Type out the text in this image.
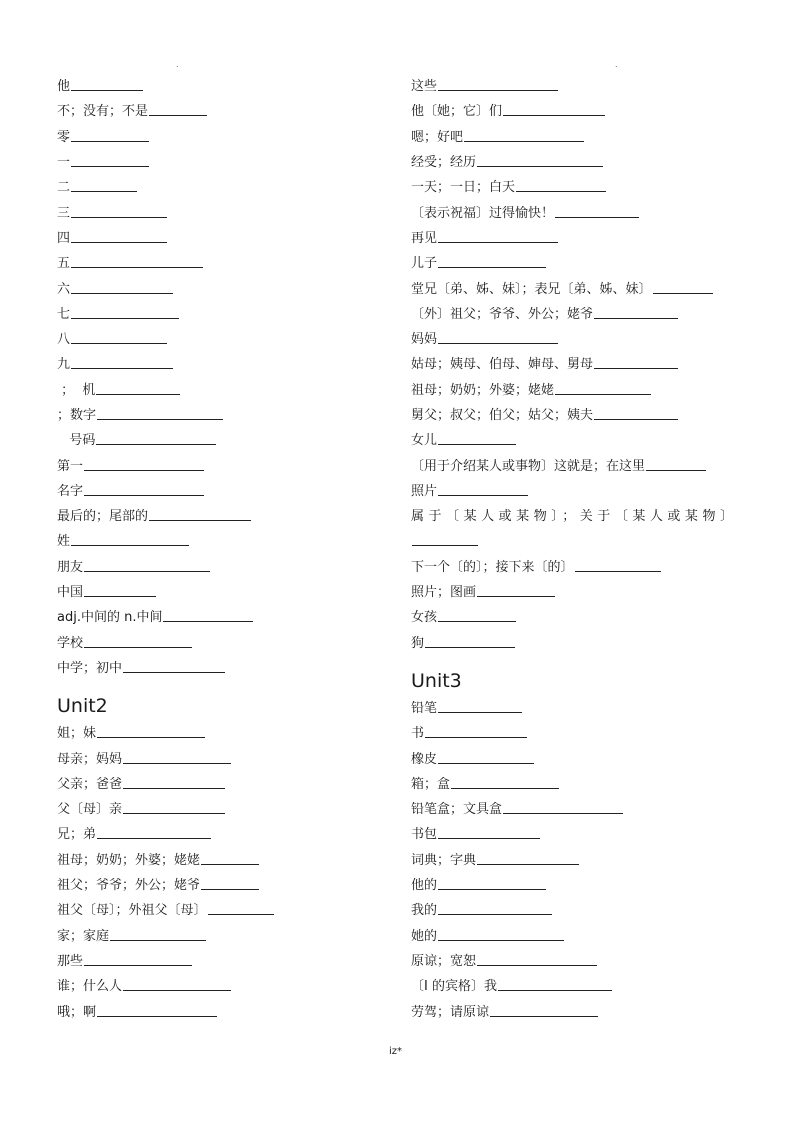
.	.
他
不；没有；不是
零
一
二
三
四
五
六
七
八
九
；  机
；数字
号码
第一
名字
最后的；尾部的
姓
朋友
中国
adj.中间的 n.中间
学校
中学；初中
Unit2
姐；妹
母亲；妈妈
父亲；爸爸
父〔母〕亲
兄；弟
祖母；奶奶；外婆；姥姥
祖父；爷爷；外公；姥爷
祖父〔母〕；外祖父〔母〕
家；家庭
那些
谁；什么人
哦；啊
这些
他〔她；它〕们
嗯；好吧
经受；经历
一天；一日；白天
〔表示祝福〕过得愉快！
再见
儿子
堂兄〔弟、姊、妹〕；表兄〔弟、姊、妹〕
〔外〕祖父；爷爷、外公；姥爷
妈妈
姑母；姨母、伯母、婶母、舅母
祖母；奶奶；外婆；姥姥
舅父；叔父；伯父；姑父；姨夫
女儿
〔用于介绍某人或事物〕这就是；在这里
照片
属于〔某人或某物〕；关于〔某人或某物〕
下一个〔的〕；接下来〔的〕
照片；图画
女孩
狗
Unit3
铅笔
书
橡皮
箱；盒
铅笔盒；文具盒
书包
词典；字典
他的
我的
她的
原谅；宽恕
〔I 的宾格〕我
劳驾；请原谅
iz*
